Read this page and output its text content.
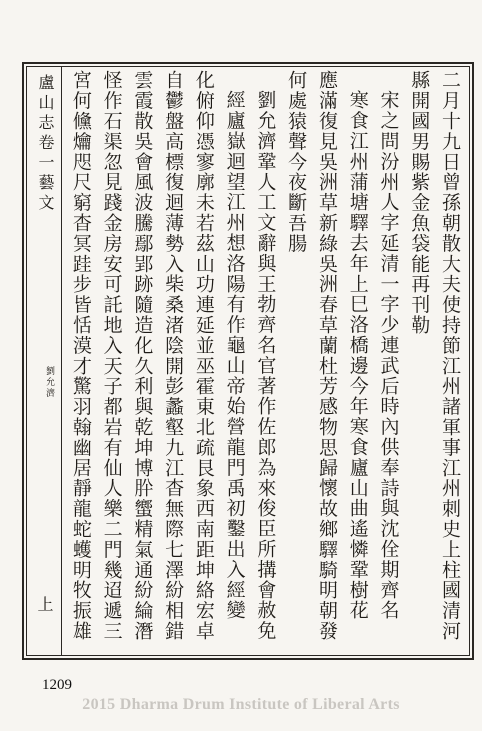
盧山志卷一藝文
劉允濟
上	二月十九日曾孫朝散大夫使持節江州諸軍事江州刺史上柱國清河
縣開國男賜紫金魚袋能再刊勒
宋之問汾州人字延清一字少連武后時內供奉詩與沈佺期齊名
寒食江州蒲塘驛去年上巳洛橋邊今年寒食廬山曲遙憐鞏樹花
應滿復見吳洲草新綠吳洲春草蘭杜芳感物思歸懷故鄉驛騎明朝發
何處猿聲今夜斷吾腸
劉允濟鞏人工文辭與王勃齊名官著作佐郎為來俊臣所搆會赦免
經廬嶽迴望江州想洛陽有作龜山帝始營龍門禹初鑿出入經變
化俯仰憑寥廓未若茲山功連延並巫霍東北疏艮象西南距坤絡宏卓
自鬱盤高標復迴薄勢入柴桑渚陰開彭蠡壑九江杳無際七澤紛相錯
雲霞散吳會風波騰鄢郢跡隨造化久利與乾坤博肸蠁精氣通紛綸潛
怪作石渠忽見踐金房安可託地入天子都岩有仙人樂二門幾迢遞三
宮何儵爚咫尺窮杳冥跬步皆恬漠才驚羽翰幽居靜龍蛇蠖明牧振雄
1209
2015 Dharma Drum Institute of Liberal Arts
